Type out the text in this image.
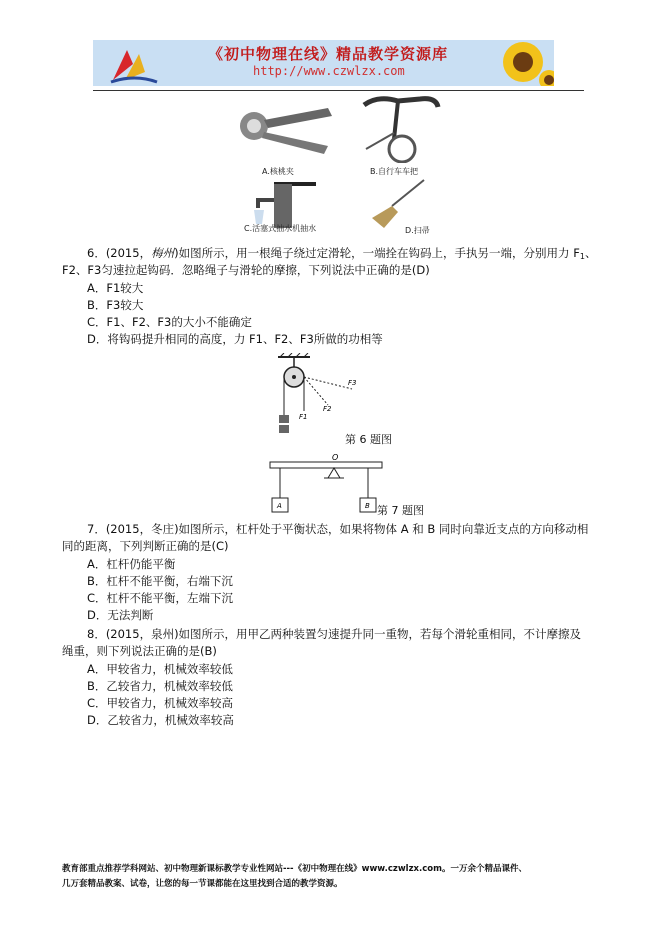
《初中物理在线》精品教学资源库
http://www.czwlzx.com
A.核桃夹	B.自行车车把
C.活塞式抽水机抽水	D.扫帚
6．(2015，梅州)如图所示，用一根绳子绕过定滑轮，一端拴在钩码上，手执另一端，分别用力 $F_1$、
F2、F3匀速拉起钩码．忽略绳子与滑轮的摩擦，下列说法中正确的是(D)
A．F1较大
B．F3较大
C．F1、F2、F3的大小不能确定
D．将钩码提升相同的高度，力 F1、F2、F3所做的功相等
F1
F2
F3
第 6 题图
O
A	B 第 7 题图
7．(2015，冬庄)如图所示，杠杆处于平衡状态，如果将物体 A 和 B 同时向靠近支点的方向移动相
同的距离，下列判断正确的是(C)
A．杠杆仍能平衡
B．杠杆不能平衡，右端下沉
C．杠杆不能平衡，左端下沉
D．无法判断
8．(2015，泉州)如图所示，用甲乙两种装置匀速提升同一重物，若每个滑轮重相同，不计摩擦及
绳重，则下列说法正确的是(B)
A．甲较省力，机械效率较低
B．乙较省力，机械效率较低
C．甲较省力，机械效率较高
D．乙较省力，机械效率较高
教育部重点推荐学科网站、初中物理新课标教学专业性网站---《初中物理在线》www.czwlzx.com。一万余个精品课件、
几万套精品教案、试卷，让您的每一节课都能在这里找到合适的教学资源。
